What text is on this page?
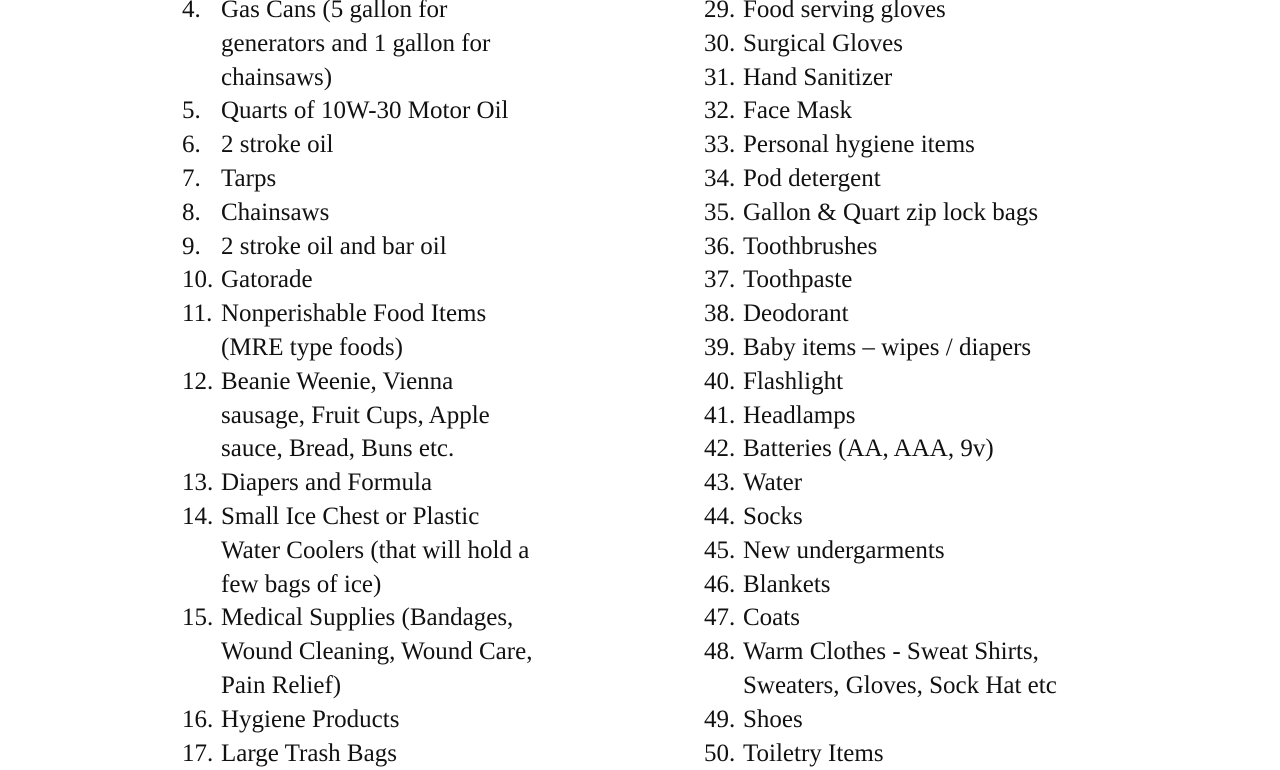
4. Gas Cans (5 gallon for
generators and 1 gallon for
chainsaws)
5. Quarts of 10W-30 Motor Oil
6. 2 stroke oil
7. Tarps
8. Chainsaws
9. 2 stroke oil and bar oil
10. Gatorade
11. Nonperishable Food Items
(MRE type foods)
12. Beanie Weenie, Vienna
sausage, Fruit Cups, Apple
sauce, Bread, Buns etc.
13. Diapers and Formula
14. Small Ice Chest or Plastic
Water Coolers (that will hold a
few bags of ice)
15. Medical Supplies (Bandages,
Wound Cleaning, Wound Care,
Pain Relief)
16. Hygiene Products
17. Large Trash Bags
29. Food serving gloves
30. Surgical Gloves
31. Hand Sanitizer
32. Face Mask
33. Personal hygiene items
34. Pod detergent
35. Gallon & Quart zip lock bags
36. Toothbrushes
37. Toothpaste
38. Deodorant
39. Baby items – wipes / diapers
40. Flashlight
41. Headlamps
42. Batteries (AA, AAA, 9v)
43. Water
44. Socks
45. New undergarments
46. Blankets
47. Coats
48. Warm Clothes - Sweat Shirts,
Sweaters, Gloves, Sock Hat etc
49. Shoes
50. Toiletry Items
